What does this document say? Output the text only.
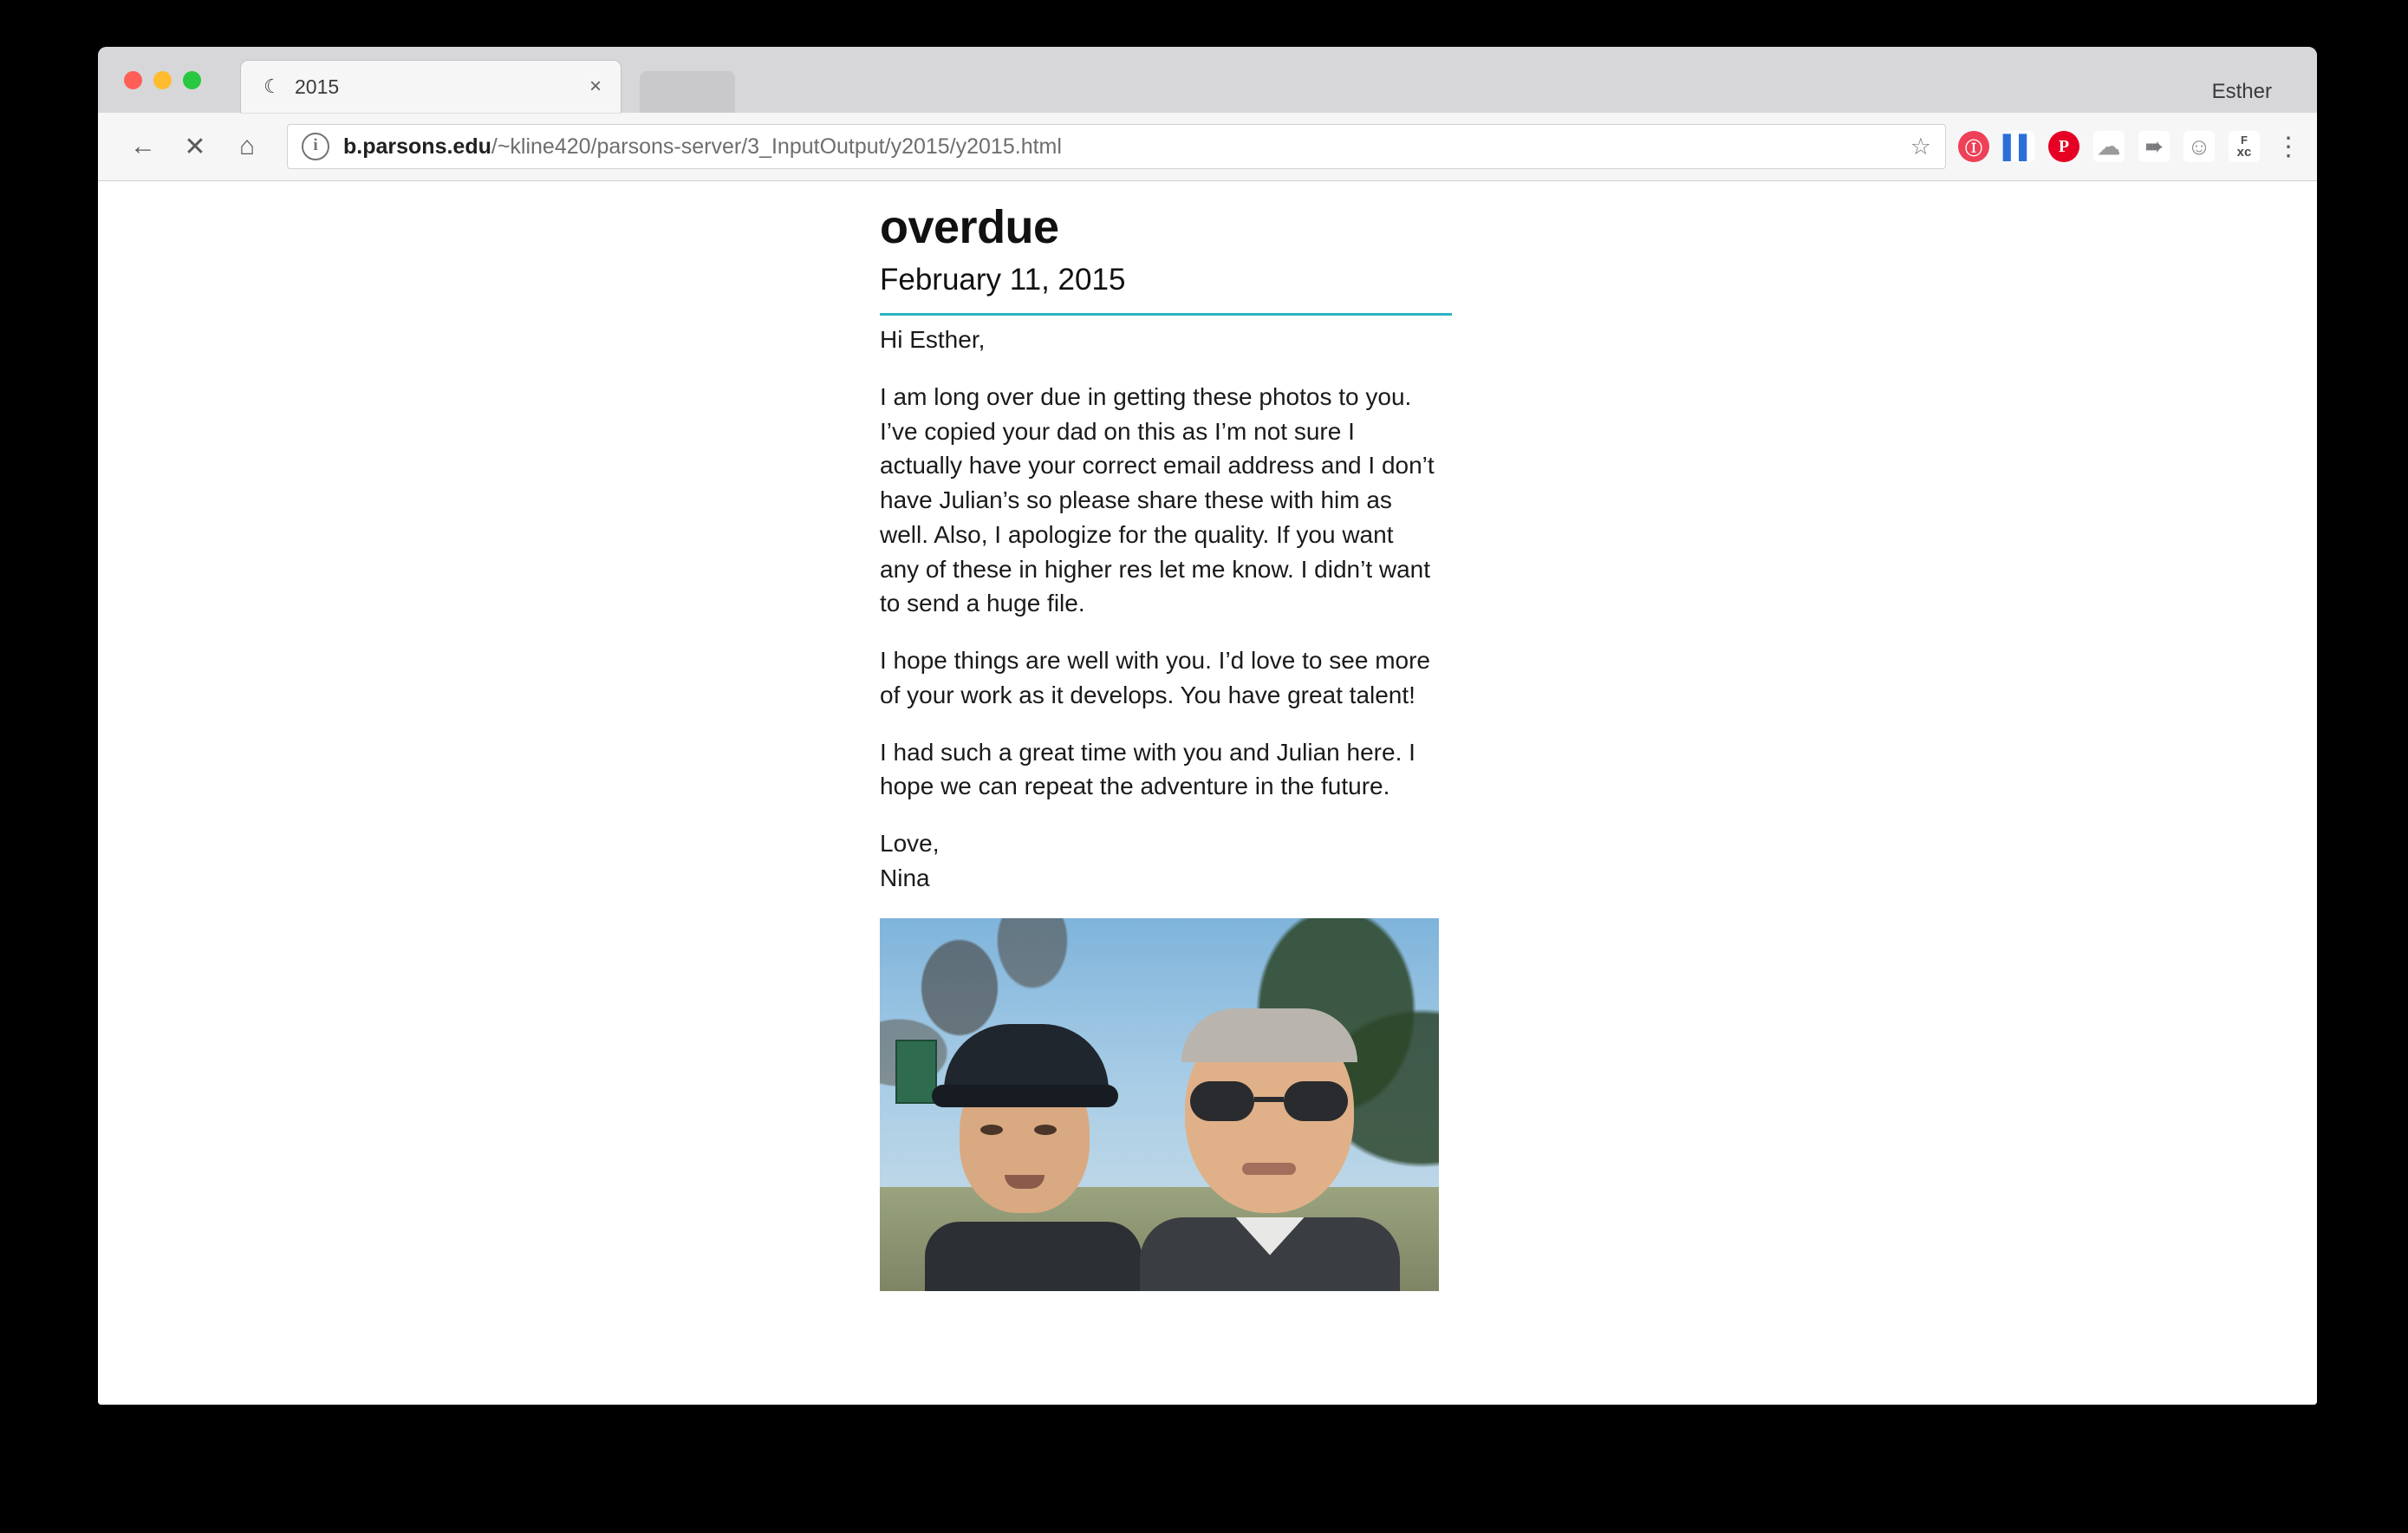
☾ 2015	×	Esther
←	✕	⌂	i	b.parsons.edu/~kline420/parsons-server/3_InputOutput/y2015/y2015.html	☆	Ⓘ ▌▌	P	☁	➠ ☺	F
xc ⋮
overdue
February 11, 2015

Hi Esther,

I am long over due in getting these photos to you. I’ve copied your dad on this as I’m not sure I actually have your correct email address and I don’t have Julian’s so please share these with him as well. Also, I apologize for the quality. If you want any of these in higher res let me know. I didn’t want to send a huge file.

I hope things are well with you. I’d love to see more of your work as it develops. You have great talent!

I had such a great time with you and Julian here. I hope we can repeat the adventure in the future.

Love,

Nina
